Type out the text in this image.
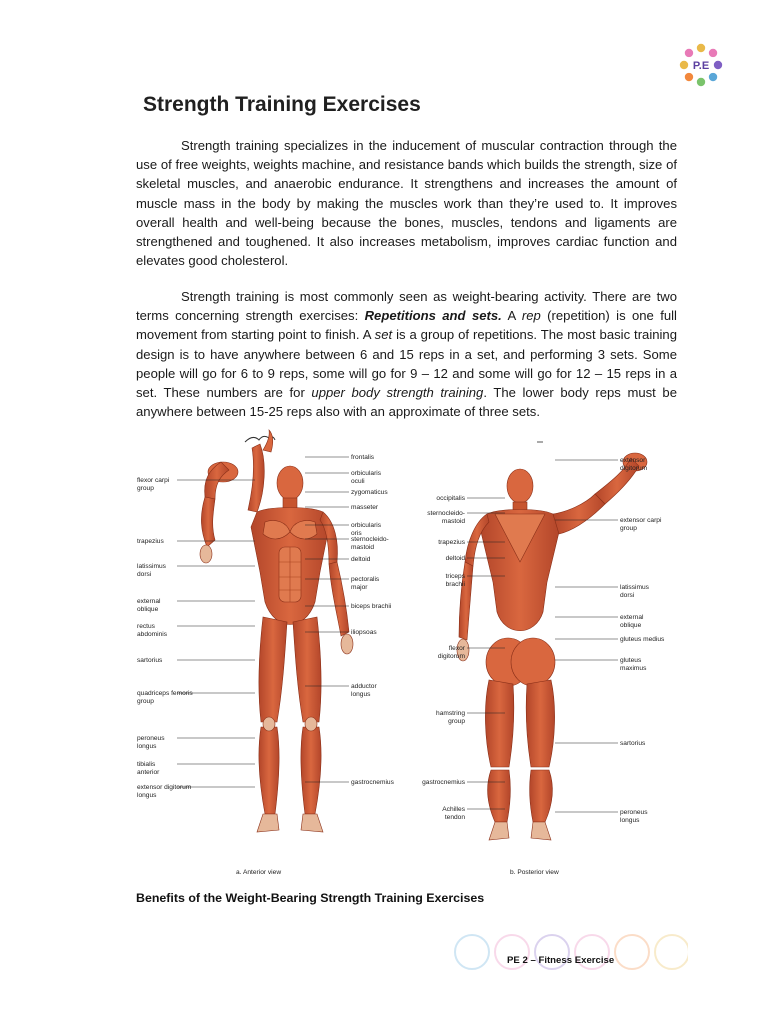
P.E
Strength Training Exercises

Strength training specializes in the inducement of muscular contraction through the use of free weights, weights machine, and resistance bands which builds the strength, size of skeletal muscles, and anaerobic endurance. It strengthens and increases the amount of muscle mass in the body by making the muscles work than they’re used to. It improves overall health and well-being because the bones, muscles, tendons and ligaments are strengthened and toughened. It also increases metabolism, improves cardiac function and elevates good cholesterol.

Strength training is most commonly seen as weight-bearing activity. There are two terms concerning strength exercises: Repetitions and sets. A rep (repetition) is one full movement from starting point to finish. A set is a group of repetitions. The most basic training design is to have anywhere between 6 and 15 reps in a set, and performing 3 sets. Some people will go for 6 to 9 reps, some will go for 9 – 12 and some will go for 12 – 15 reps in a set. These numbers are for upper body strength training. The lower body reps must be anywhere between 15-25 reps also with an approximate of three sets.

flexor carpi group
trapezius
latissimus dorsi
external oblique
rectus abdominis
sartorius
quadriceps femoris group
peroneus longus
tibialis anterior
extensor digitorum longus
frontalis
orbicularis oculi
zygomaticus
masseter
orbicularis oris
sternocleido-mastoid
deltoid
pectoralis major
biceps brachii
iliopsoas
adductor longus
gastrocnemius
occipitalis
sternocleido-mastoid
trapezius
deltoid
triceps brachii
flexor digitorum
hamstring group
gastrocnemius
Achilles tendon
extensor digitorum
extensor carpi group
latissimus dorsi
external oblique
gluteus medius
gluteus maximus
sartorius
peroneus longus
a. Anterior view	b. Posterior view
Benefits of the Weight-Bearing Strength Training Exercises
PE 2 – Fitness Exercise
